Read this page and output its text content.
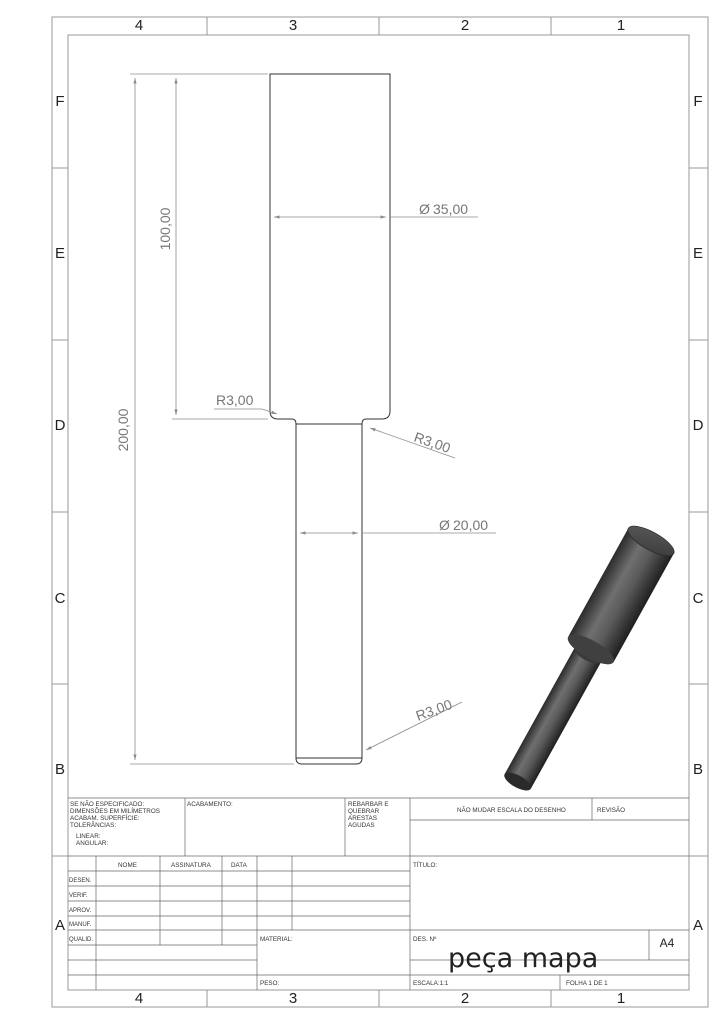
4	3	2	1
4	3	2	1
F
E
D
C
B
A
F
E
D
C
B
A
200,00
100,00	Ø 35,00
R3,00
R3,00
Ø 20,00
R3,00
SE NÃO ESPECIFICADO:
DIMENSÕES EM MILÍMETROS
ACABAM. SUPERFÍCIE:
TOLERÂNCIAS:
LINEAR:
ANGULAR:
ACABAMENTO:	REBARBAR E
QUEBRAR
ARESTAS
AGUDAS
NÃO MUDAR ESCALA DO DESENHO	REVISÃO
NOME	ASSINATURA	DATA
DESEN.
VERIF.
APROV.
MANUF.
QUALID.
TÍTULO:
MATERIAL:	DES. Nº
peça mapa	A4
PESO:	ESCALA:1:1	FOLHA 1 DE 1
